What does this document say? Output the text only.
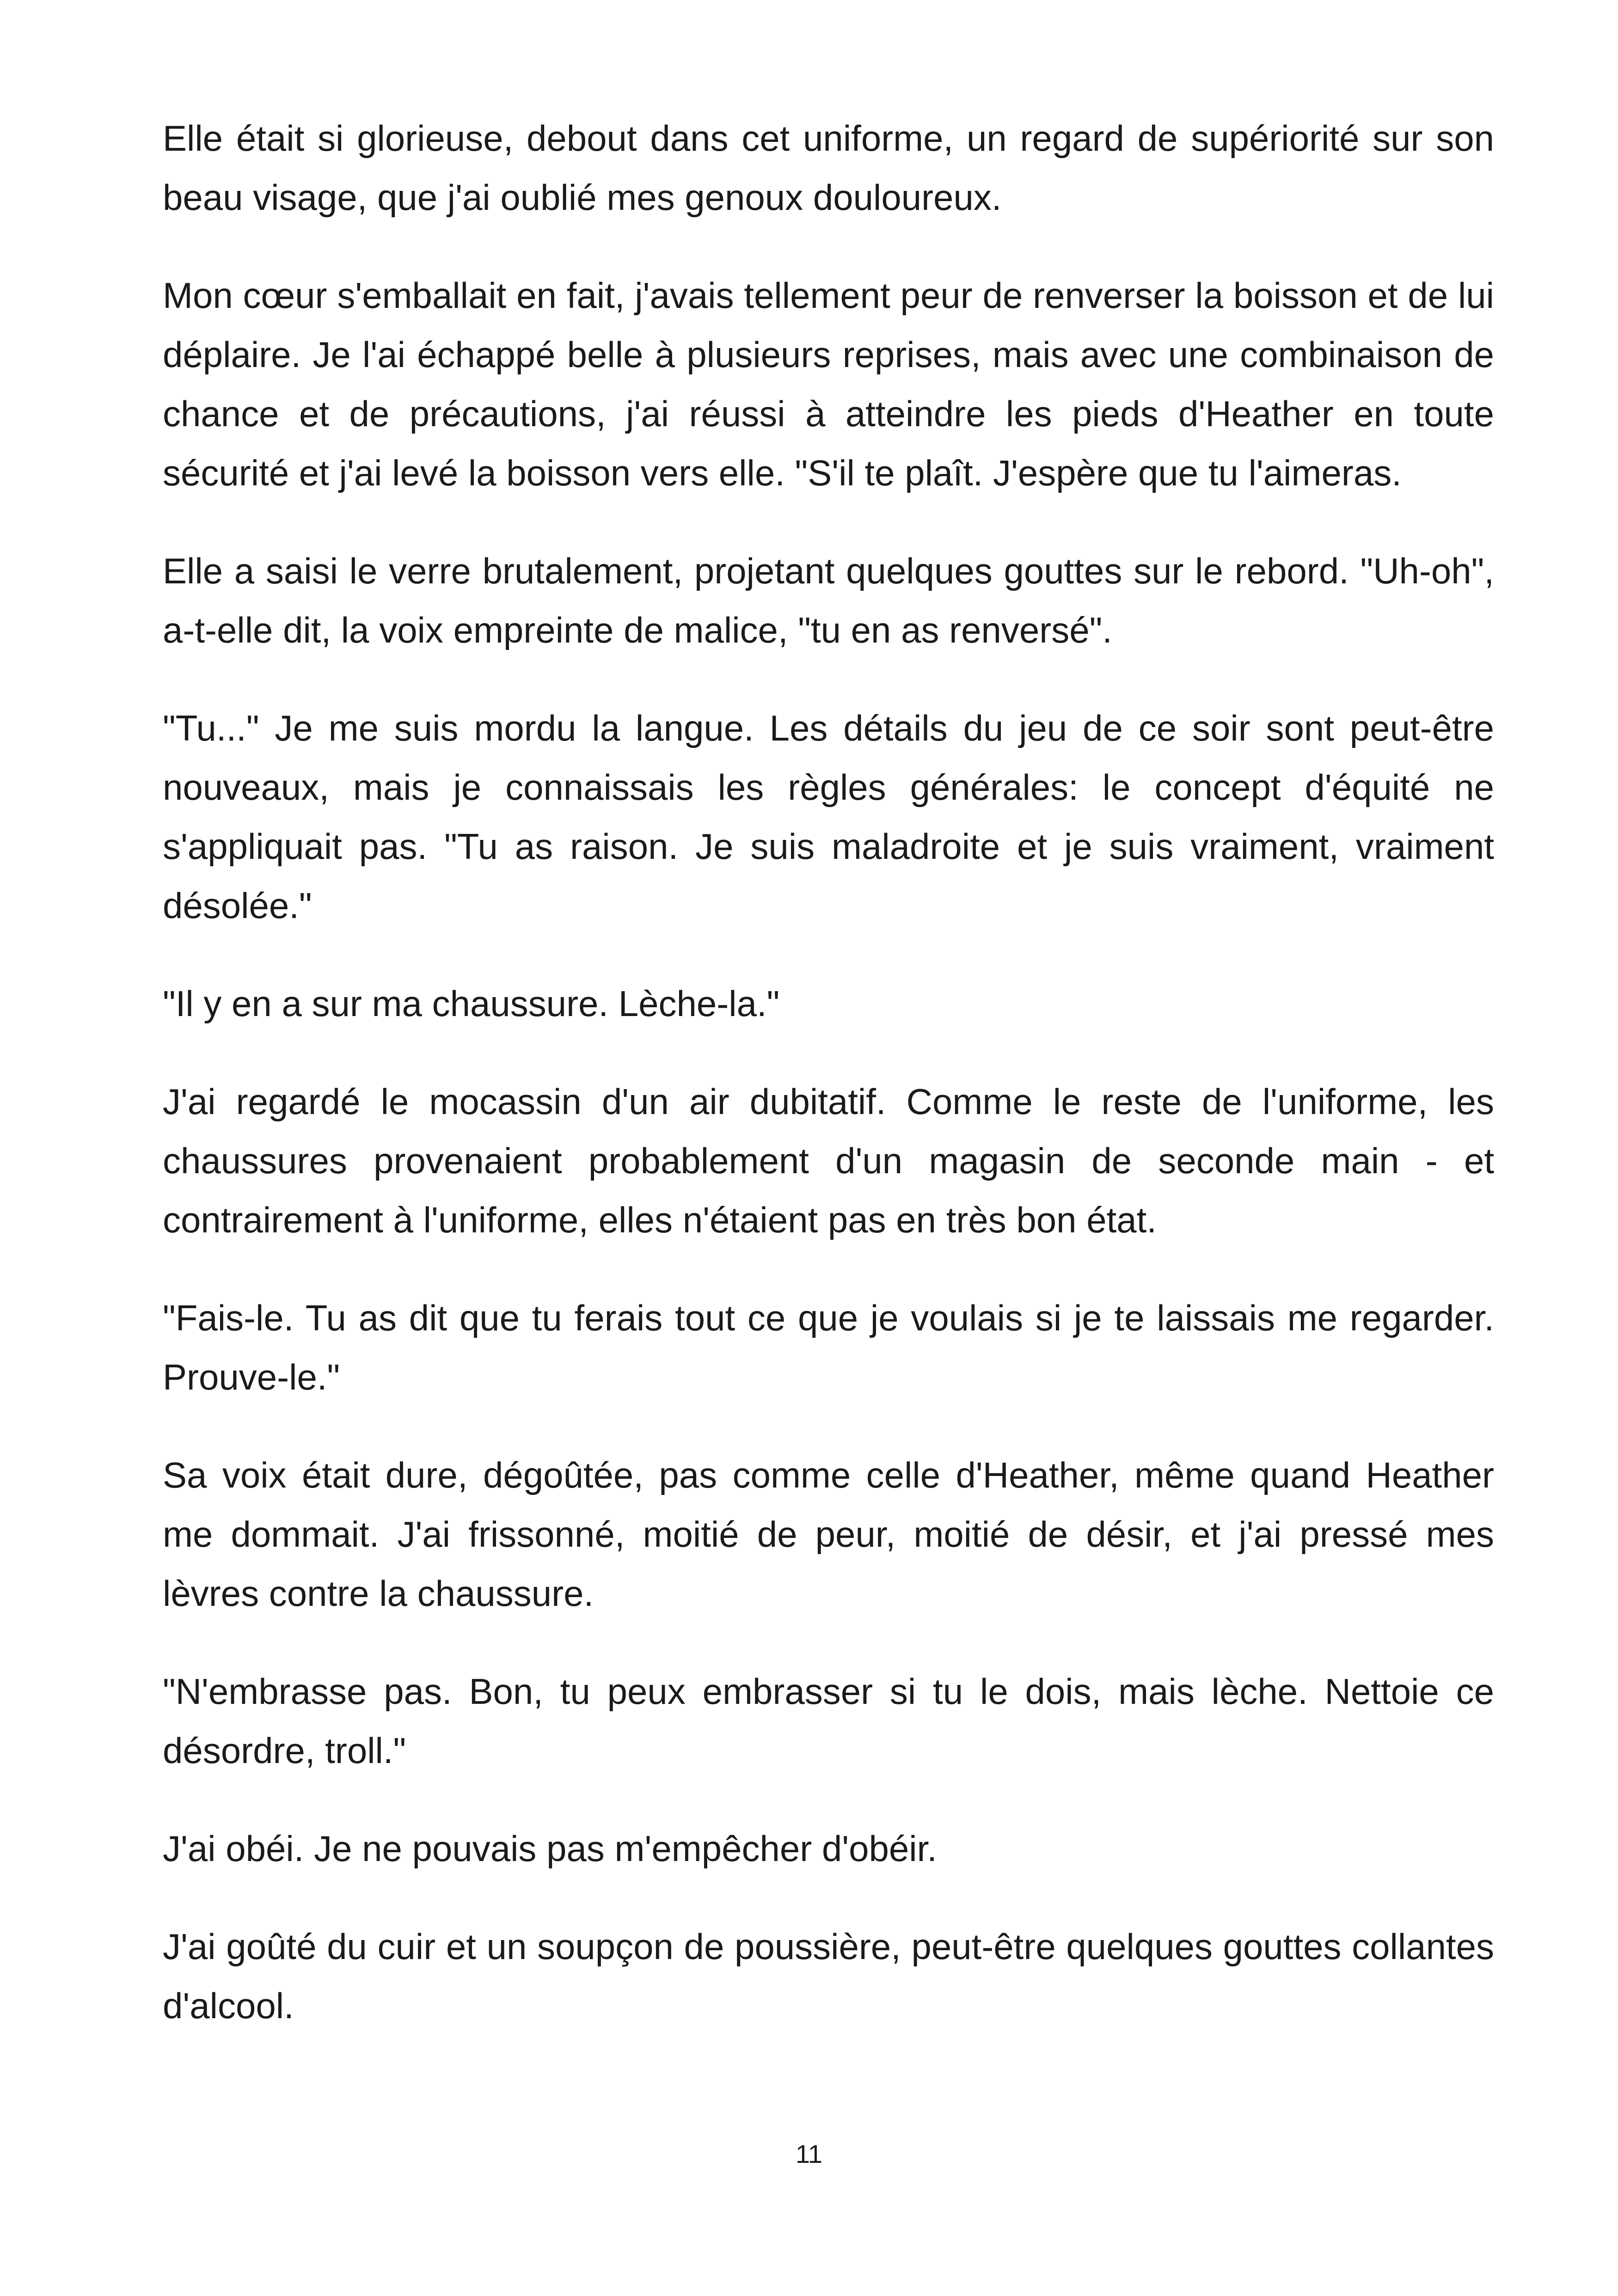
Elle était si glorieuse, debout dans cet uniforme, un regard de supériorité sur son beau visage, que j'ai oublié mes genoux douloureux.

Mon cœur s'emballait en fait, j'avais tellement peur de renverser la boisson et de lui déplaire. Je l'ai échappé belle à plusieurs reprises, mais avec une combinaison de chance et de précautions, j'ai réussi à atteindre les pieds d'Heather en toute sécurité et j'ai levé la boisson vers elle. "S'il te plaît. J'espère que tu l'aimeras.

Elle a saisi le verre brutalement, projetant quelques gouttes sur le rebord. "Uh-oh", a-t-elle dit, la voix empreinte de malice, "tu en as renversé".

"Tu..." Je me suis mordu la langue. Les détails du jeu de ce soir sont peut-être nouveaux, mais je connaissais les règles générales: le concept d'équité ne s'appliquait pas. "Tu as raison. Je suis maladroite et je suis vraiment, vraiment désolée."

"Il y en a sur ma chaussure. Lèche-la."

J'ai regardé le mocassin d'un air dubitatif. Comme le reste de l'uniforme, les chaussures provenaient probablement d'un magasin de seconde main - et contrairement à l'uniforme, elles n'étaient pas en très bon état.

"Fais-le. Tu as dit que tu ferais tout ce que je voulais si je te laissais me regarder. Prouve-le."

Sa voix était dure, dégoûtée, pas comme celle d'Heather, même quand Heather me dommait. J'ai frissonné, moitié de peur, moitié de désir, et j'ai pressé mes lèvres contre la chaussure.

"N'embrasse pas. Bon, tu peux embrasser si tu le dois, mais lèche. Nettoie ce désordre, troll."

J'ai obéi. Je ne pouvais pas m'empêcher d'obéir.

J'ai goûté du cuir et un soupçon de poussière, peut-être quelques gouttes collantes d'alcool.

11
